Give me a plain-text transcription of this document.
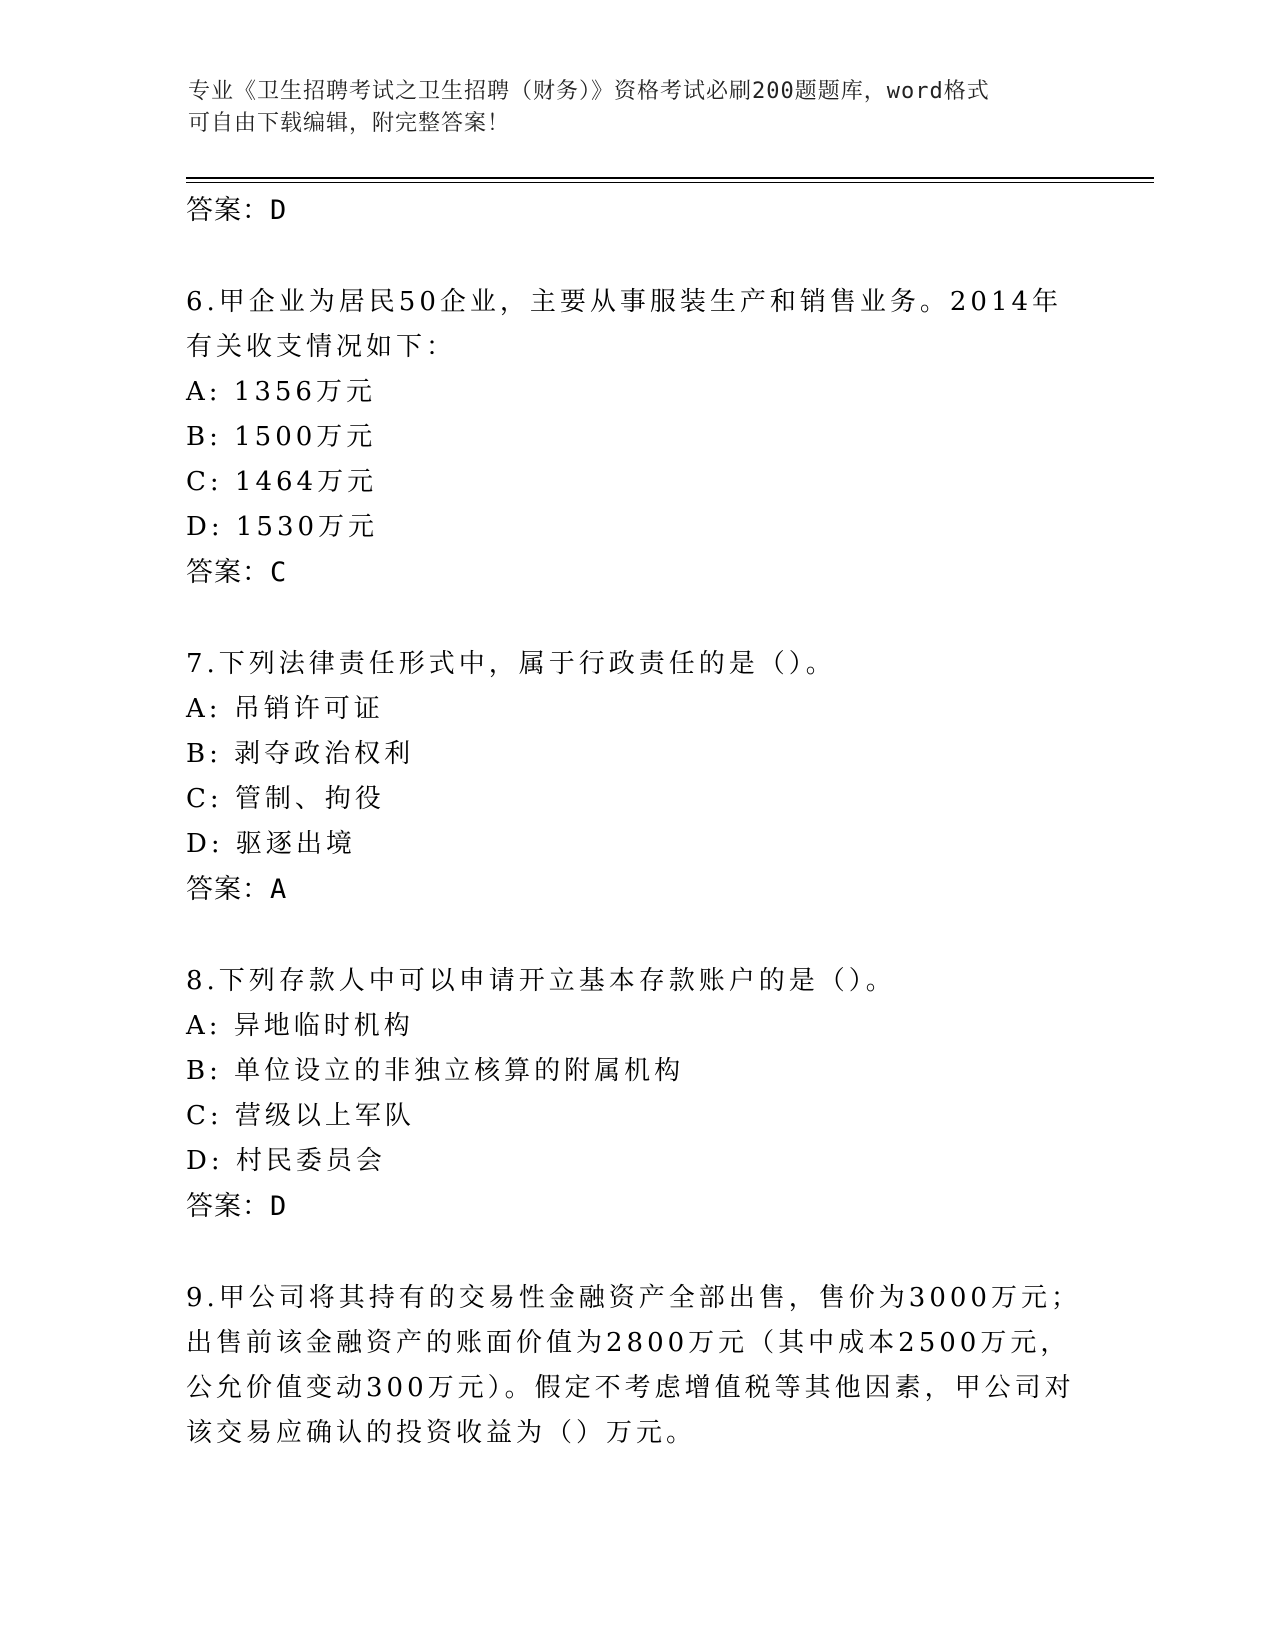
专业《卫生招聘考试之卫生招聘（财务）》资格考试必刷200题题库，word格式
可自由下载编辑，附完整答案！
答案：D
6.甲企业为居民50企业，主要从事服装生产和销售业务。2014年有关收支情况如下：
A: 1356万元
B: 1500万元
C: 1464万元
D: 1530万元
答案：C
7.下列法律责任形式中，属于行政责任的是（）。
A: 吊销许可证
B: 剥夺政治权利
C: 管制、拘役
D: 驱逐出境
答案：A
8.下列存款人中可以申请开立基本存款账户的是（）。
A: 异地临时机构
B: 单位设立的非独立核算的附属机构
C: 营级以上军队
D: 村民委员会
答案：D
9.甲公司将其持有的交易性金融资产全部出售，售价为3000万元；出售前该金融资产的账面价值为2800万元（其中成本2500万元，公允价值变动300万元）。假定不考虑增值税等其他因素，甲公司对该交易应确认的投资收益为（）万元。
